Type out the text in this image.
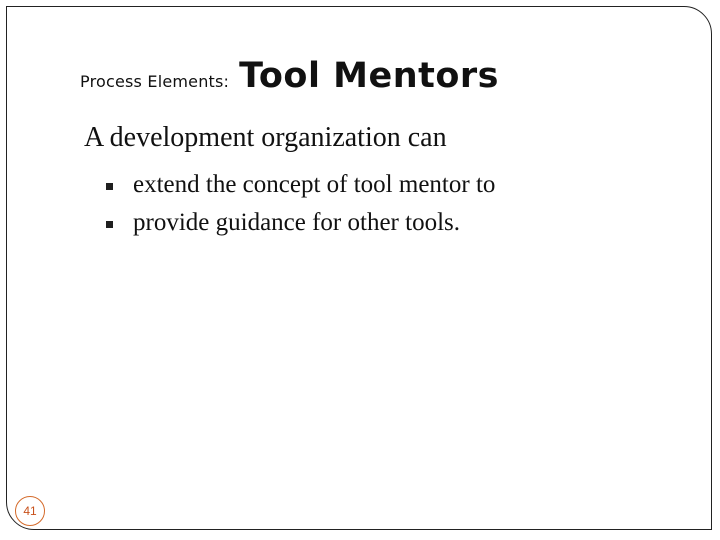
Process Elements: Tool Mentors
A development organization can
extend the concept of tool mentor to
provide guidance for other tools.
41
